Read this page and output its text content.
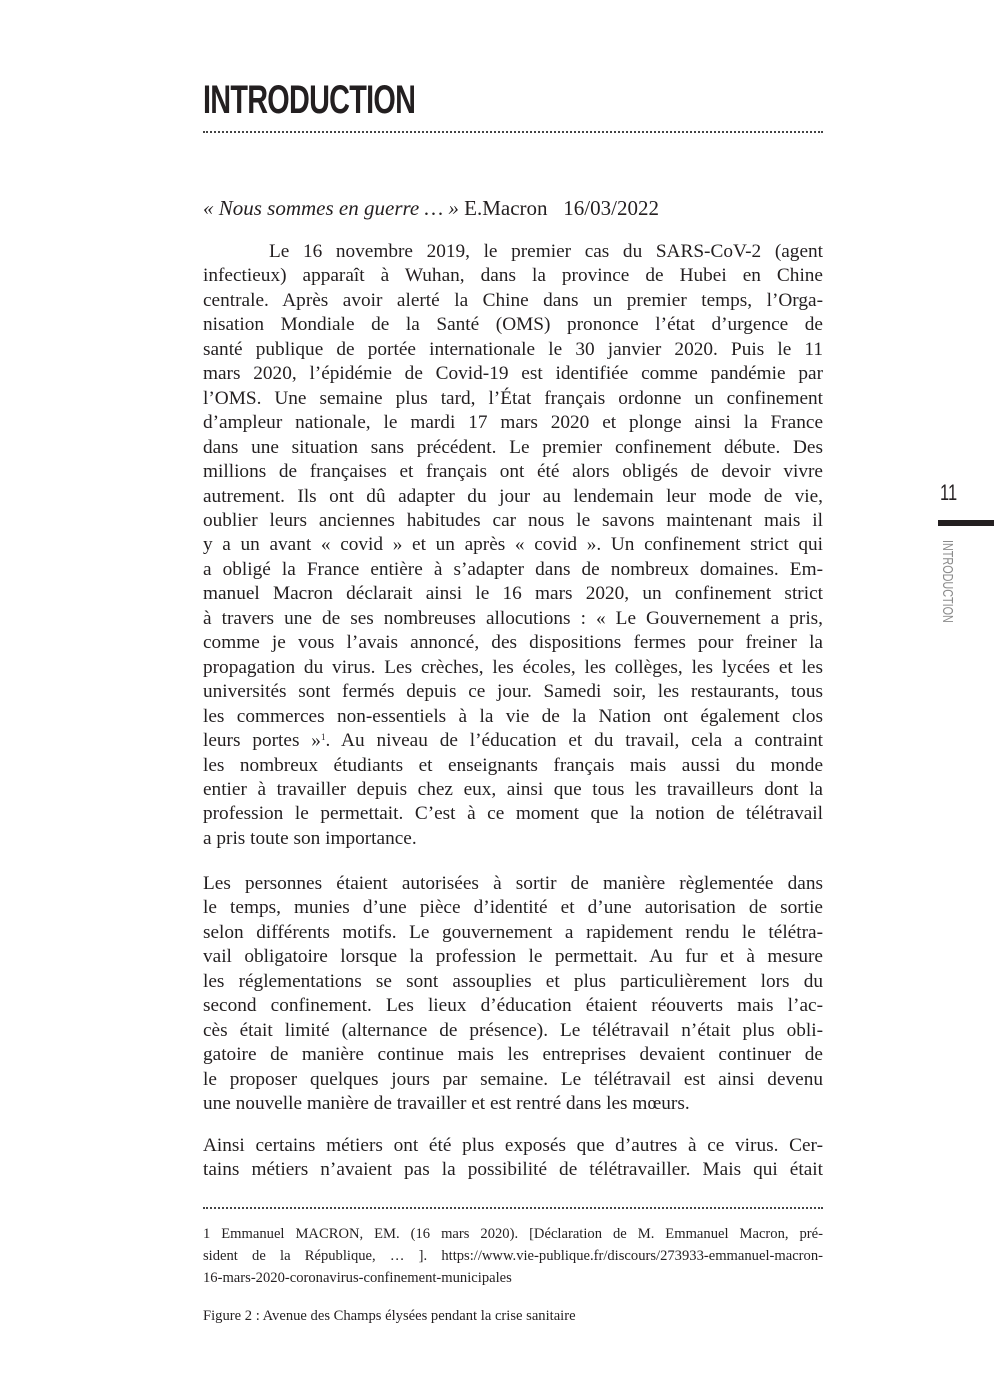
INTRODUCTION
« Nous sommes en guerre … » E.Macron 16/03/2022
Le 16 novembre 2019, le premier cas du SARS-CoV-2 (agent
infectieux) apparaît à Wuhan, dans la province de Hubei en Chine
centrale. Après avoir alerté la Chine dans un premier temps, l’Orga-
nisation Mondiale de la Santé (OMS) prononce l’état d’urgence de
santé publique de portée internationale le 30 janvier 2020. Puis le 11
mars 2020, l’épidémie de Covid-19 est identifiée comme pandémie par
l’OMS. Une semaine plus tard, l’État français ordonne un confinement
d’ampleur nationale, le mardi 17 mars 2020 et plonge ainsi la France
dans une situation sans précédent. Le premier confinement débute. Des
millions de françaises et français ont été alors obligés de devoir vivre
autrement. Ils ont dû adapter du jour au lendemain leur mode de vie,
oublier leurs anciennes habitudes car nous le savons maintenant mais il
y a un avant « covid » et un après « covid ». Un confinement strict qui
a obligé la France entière à s’adapter dans de nombreux domaines. Em-
manuel Macron déclarait ainsi le 16 mars 2020, un confinement strict
à travers une de ses nombreuses allocutions : « Le Gouvernement a pris,
comme je vous l’avais annoncé, des dispositions fermes pour freiner la
propagation du virus. Les crèches, les écoles, les collèges, les lycées et les
universités sont fermés depuis ce jour. Samedi soir, les restaurants, tous
les commerces non-essentiels à la vie de la Nation ont également clos
leurs portes »$^1$. Au niveau de l’éducation et du travail, cela a contraint
les nombreux étudiants et enseignants français mais aussi du monde
entier à travailler depuis chez eux, ainsi que tous les travailleurs dont la
profession le permettait. C’est à ce moment que la notion de télétravail
a pris toute son importance.
Les personnes étaient autorisées à sortir de manière règlementée dans
le temps, munies d’une pièce d’identité et d’une autorisation de sortie
selon différents motifs. Le gouvernement a rapidement rendu le télétra-
vail obligatoire lorsque la profession le permettait. Au fur et à mesure
les réglementations se sont assouplies et plus particulièrement lors du
second confinement. Les lieux d’éducation étaient réouverts mais l’ac-
cès était limité (alternance de présence). Le télétravail n’était plus obli-
gatoire de manière continue mais les entreprises devaient continuer de
le proposer quelques jours par semaine. Le télétravail est ainsi devenu
une nouvelle manière de travailler et est rentré dans les mœurs.
Ainsi certains métiers ont été plus exposés que d’autres à ce virus. Cer-
tains métiers n’avaient pas la possibilité de télétravailler. Mais qui était
1 Emmanuel MACRON, EM. (16 mars 2020). [Déclaration de M. Emmanuel Macron, pré-
sident de la République, … ]. https://www.vie-publique.fr/discours/273933-emmanuel-macron-
16-mars-2020-coronavirus-confinement-municipales
Figure 2 : Avenue des Champs élysées pendant la crise sanitaire
11
INTRODUCTION
